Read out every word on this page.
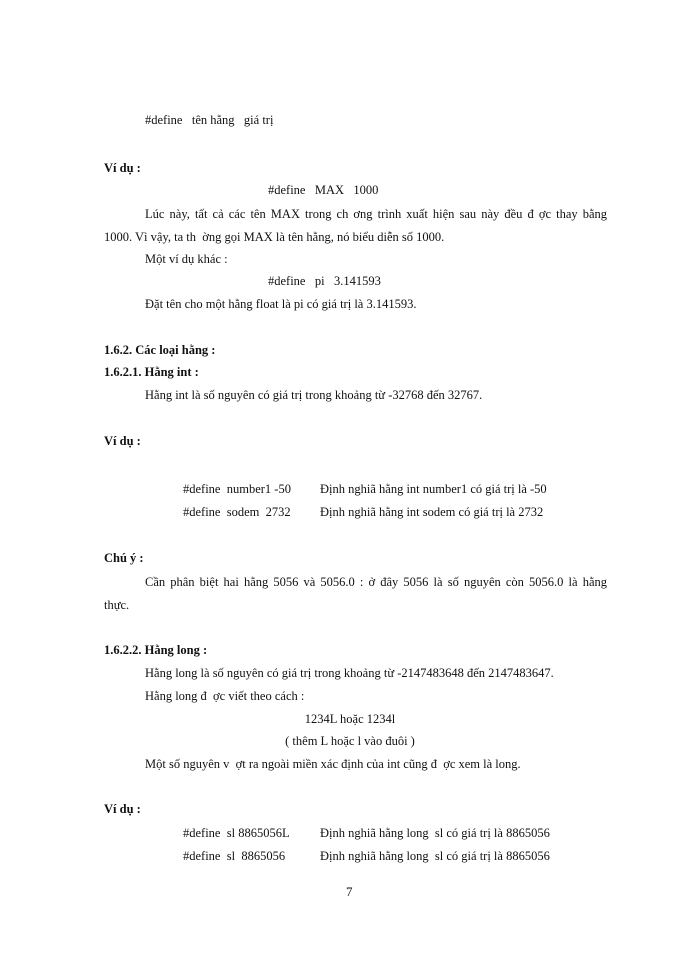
#define   tên hằng   giá trị
Ví dụ :
#define   MAX   1000
Lúc này, tất cả các tên MAX trong ch ơng trình xuất hiện sau này đều đ ợc thay bằng
1000. Vì vậy, ta th  ờng gọi MAX là tên hằng, nó biểu diễn số 1000.
Một ví dụ khác :
#define   pi   3.141593
Đặt tên cho một hằng float là pi có giá trị là 3.141593.
1.6.2. Các loại hằng :
1.6.2.1. Hằng int :
Hằng int là số nguyên có giá trị trong khoảng từ -32768 đến 32767.
Ví dụ :
#define  number1 -50 Định nghiã hằng int number1 có giá trị là -50
#define  sodem  2732 Định nghiã hằng int sodem có giá trị là 2732
Chú ý :
Cần phân biệt hai hằng 5056 và 5056.0 : ở đây 5056 là số nguyên còn 5056.0 là hằng
thực.
1.6.2.2. Hằng long :
Hằng long là số nguyên có giá trị trong khoảng từ -2147483648 đến 2147483647.
Hằng long đ  ợc viết theo cách :
1234L hoặc 1234l
( thêm L hoặc l vào đuôi )
Một số nguyên v  ợt ra ngoài miền xác định của int cũng đ  ợc xem là long.
Ví dụ :
#define  sl 8865056L Định nghiã hằng long  sl có giá trị là 8865056
#define  sl  8865056	Định nghiã hằng long  sl có giá trị là 8865056
7
